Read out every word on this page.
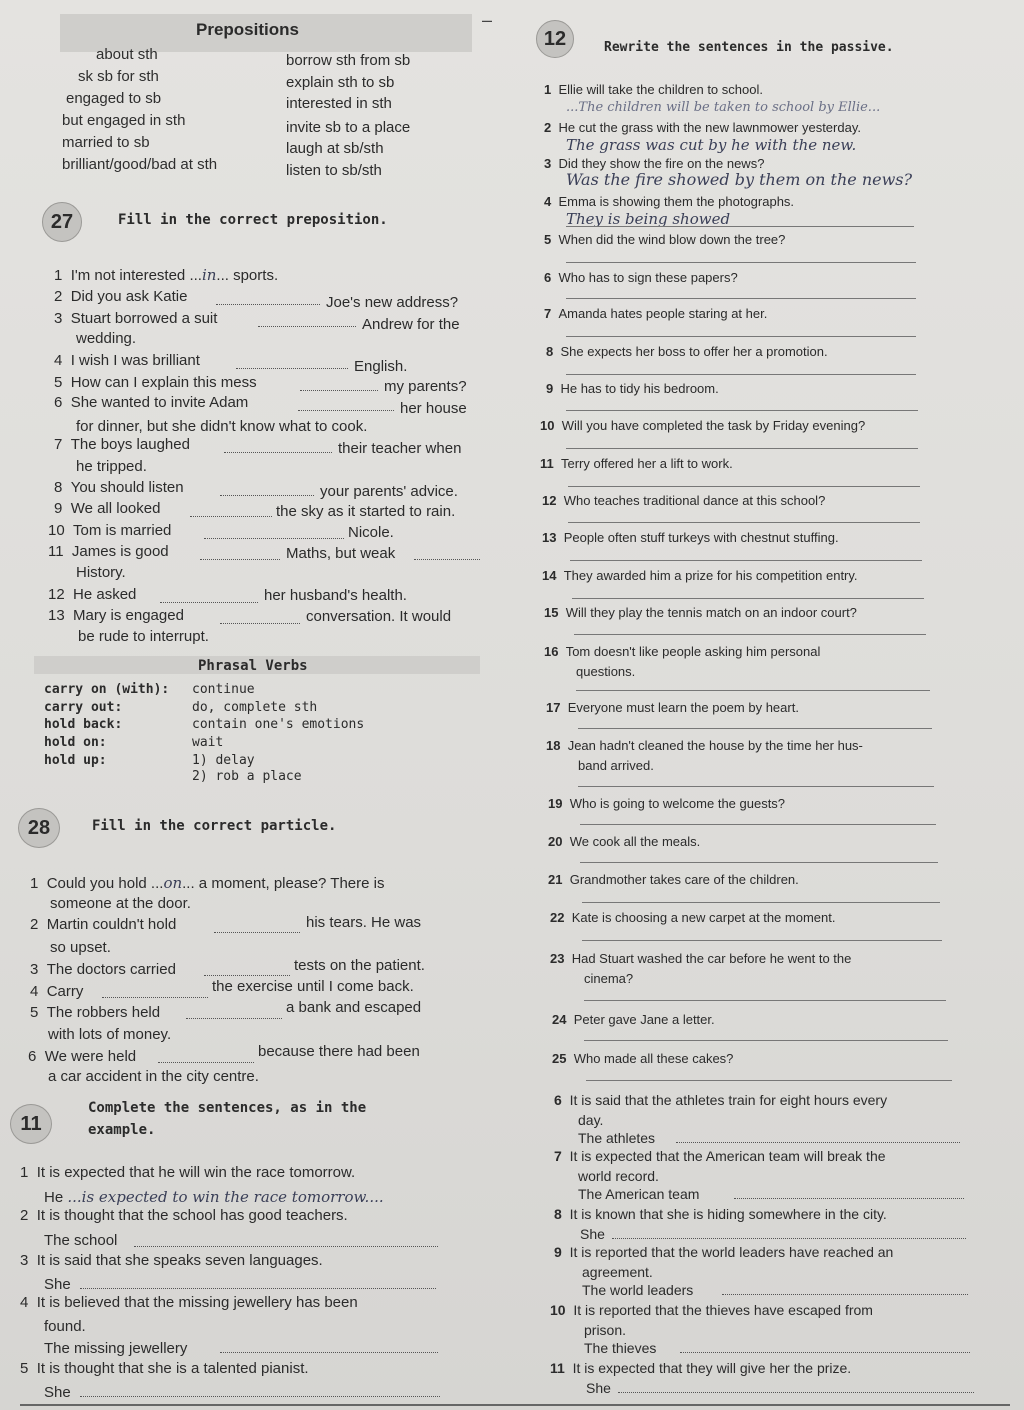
Prepositions	–
about sth
sk sb for sth
engaged to sb
but engaged in sth
married to sb
brilliant/good/bad at sth
borrow sth from sb
explain sth to sb
interested in sth
invite sb to a place
laugh at sb/sth
listen to sb/sth
27	Fill in the correct preposition.
1 I'm not interested ...in... sports.
2 Did you ask Katie	Joe's new address?
3 Stuart borrowed a suit	Andrew for the
wedding.
4 I wish I was brilliant	English.
5 How can I explain this mess	my parents?
6 She wanted to invite Adam	her house
for dinner, but she didn't know what to cook.
7 The boys laughed	their teacher when
he tripped.
8 You should listen	your parents' advice.
9 We all looked	the sky as it started to rain.
10 Tom is married	Nicole.
11 James is good	Maths, but weak
History.
12 He asked	her husband's health.
13 Mary is engaged	conversation. It would
be rude to interrupt.
Phrasal Verbs
carry on (with): continue
carry out:	do, complete sth
hold back:	contain one's emotions
hold on:	wait
hold up:	1) delay
2) rob a place
28	Fill in the correct particle.
1 Could you hold ...on... a moment, please? There is
someone at the door.
2 Martin couldn't hold	his tears. He was
so upset.
3 The doctors carried	tests on the patient.
4 Carry	the exercise until I come back.
5 The robbers held	a bank and escaped
with lots of money.
6 We were held	because there had been
a car accident in the city centre.
11
Complete the sentences, as in the
example.
1 It is expected that he will win the race tomorrow.
He ...is expected to win the race tomorrow....
2 It is thought that the school has good teachers.
The school
3 It is said that she speaks seven languages.
She
4 It is believed that the missing jewellery has been
found.
The missing jewellery
5 It is thought that she is a talented pianist.
She
6 It is said that the athletes train for eight hours every
day.
The athletes
7 It is expected that the American team will break the
world record.
The American team
8 It is known that she is hiding somewhere in the city.
She
9 It is reported that the world leaders have reached an
agreement.
The world leaders
10 It is reported that the thieves have escaped from
prison.
The thieves
11 It is expected that they will give her the prize.
She
12	Rewrite the sentences in the passive.
1 Ellie will take the children to school.
...The children will be taken to school by Ellie...
2 He cut the grass with the new lawnmower yesterday.
The grass was cut by he with the new.
3 Did they show the fire on the news?
Was the fire showed by them on the news?
4 Emma is showing them the photographs.
They is being showed
5 When did the wind blow down the tree?
6 Who has to sign these papers?
7 Amanda hates people staring at her.
8 She expects her boss to offer her a promotion.
9 He has to tidy his bedroom.
10 Will you have completed the task by Friday evening?
11 Terry offered her a lift to work.
12 Who teaches traditional dance at this school?
13 People often stuff turkeys with chestnut stuffing.
14 They awarded him a prize for his competition entry.
15 Will they play the tennis match on an indoor court?
16 Tom doesn't like people asking him personal
questions.
17 Everyone must learn the poem by heart.
18 Jean hadn't cleaned the house by the time her hus-
band arrived.
19 Who is going to welcome the guests?
20 We cook all the meals.
21 Grandmother takes care of the children.
22 Kate is choosing a new carpet at the moment.
23 Had Stuart washed the car before he went to the
cinema?
24 Peter gave Jane a letter.
25 Who made all these cakes?
